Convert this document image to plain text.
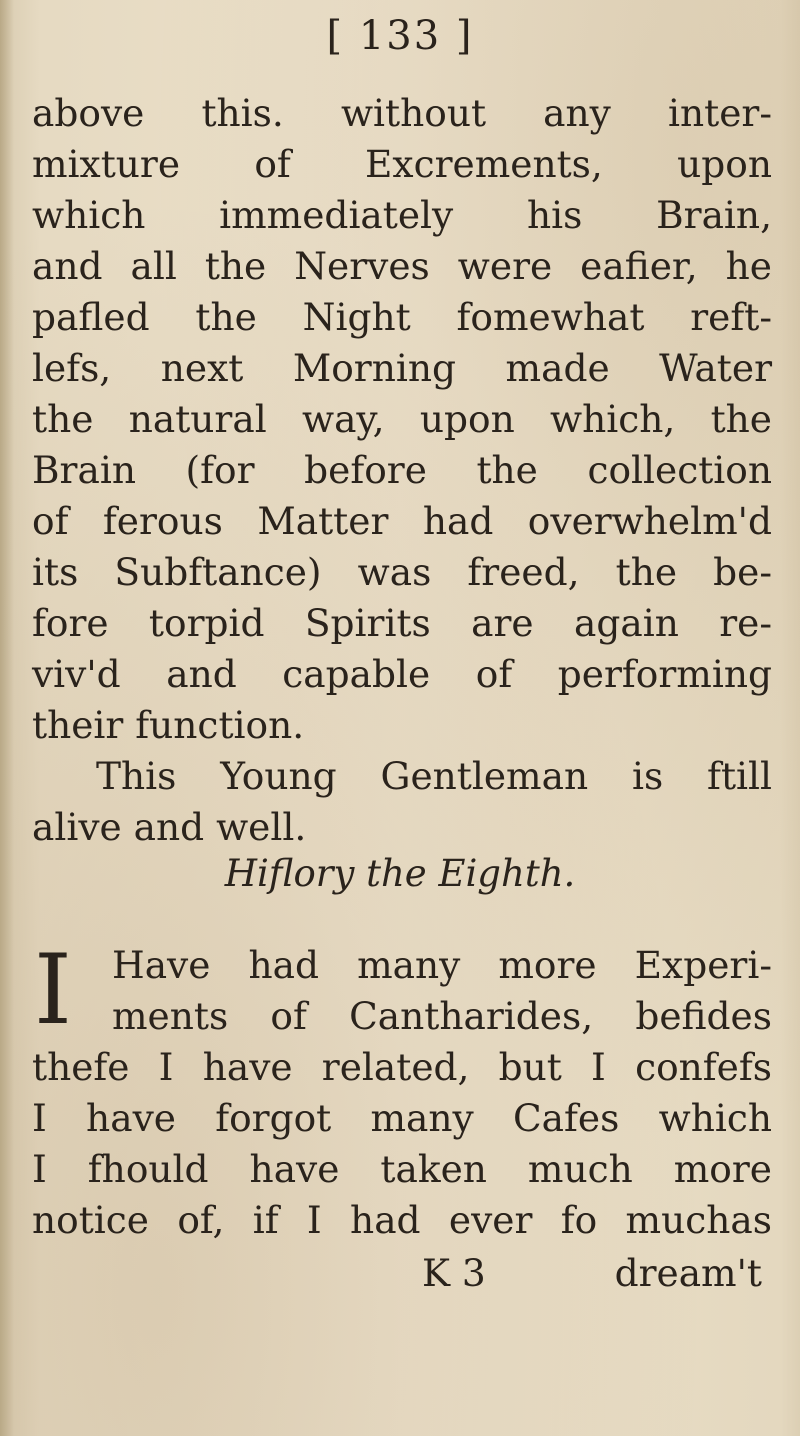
[ 133 ]
above this. without any inter-
mixture of Excrements, upon
which immediately his Brain,
and all the Nerves were eafier, he
pafled the Night fomewhat reft-
lefs, next Morning made Water
the natural way, upon which, the
Brain (for before the collection
of ferous Matter had overwhelm'd
its Subftance) was freed, the be-
fore torpid Spirits are again re-
viv'd and capable of performing
their function.
This Young Gentleman is ftill
alive and well.
Hiflory the Eighth.
I Have had many more Experi-
ments of Cantharides, befides
thefe I have related, but I confefs
I have forgot many Cafes which
I fhould have taken much more
notice of, if I had ever fo muchas
K 3	dream't
